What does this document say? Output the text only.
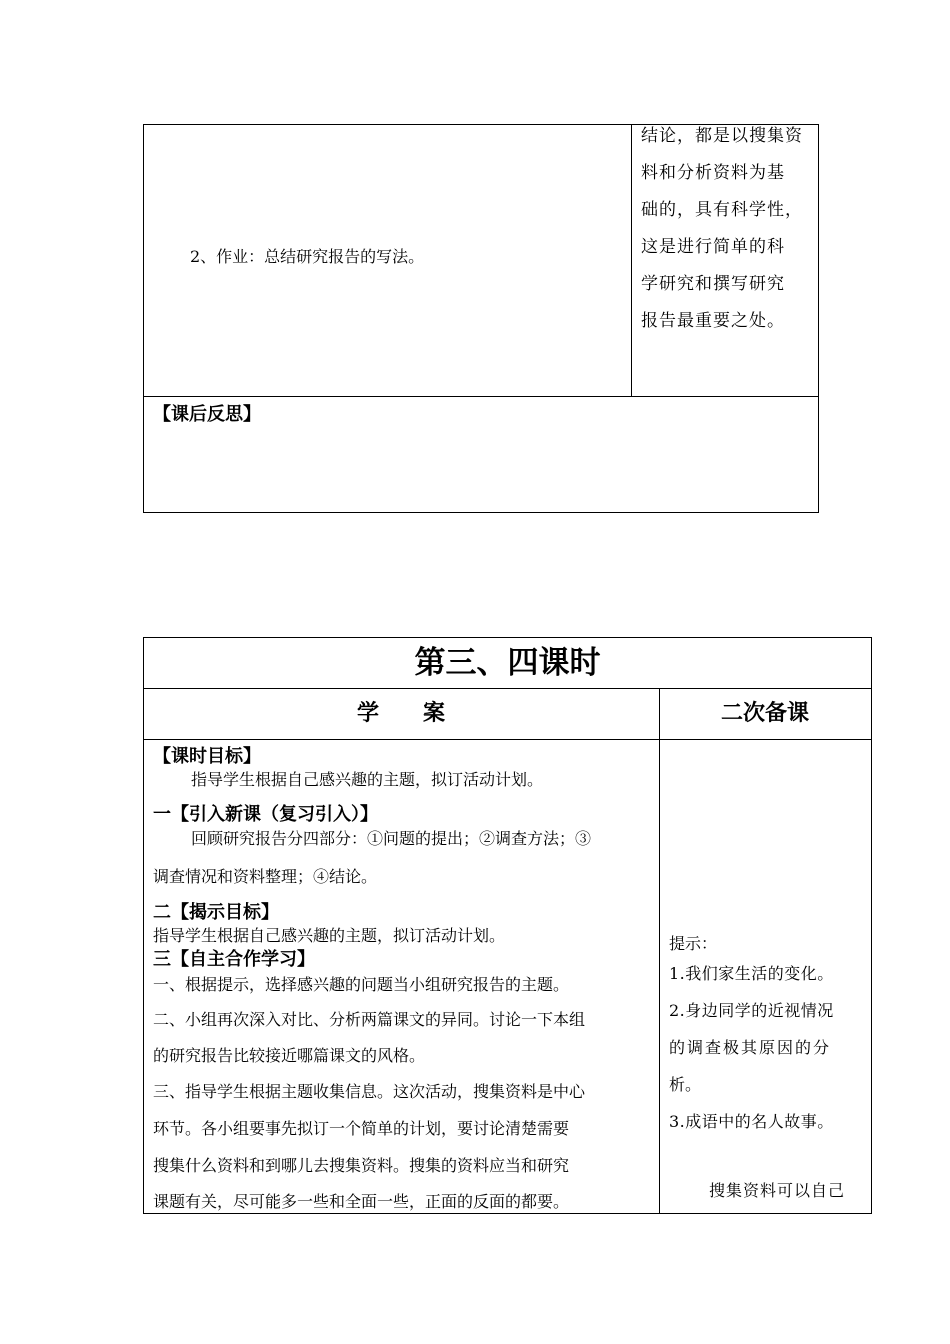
2、作业：总结研究报告的写法。
结论，都是以搜集资
料和分析资料为基
础的，具有科学性，
这是进行简单的科
学研究和撰写研究
报告最重要之处。
【课后反思】
第三、四课时
学　　案	二次备课
【课时目标】
指导学生根据自己感兴趣的主题，拟订活动计划。
一【引入新课（复习引入）】
回顾研究报告分四部分：①问题的提出；②调查方法；③
调查情况和资料整理；④结论。
二【揭示目标】
指导学生根据自己感兴趣的主题，拟订活动计划。
三【自主合作学习】
一、根据提示，选择感兴趣的问题当小组研究报告的主题。
二、小组再次深入对比、分析两篇课文的异同。讨论一下本组
的研究报告比较接近哪篇课文的风格。
三、指导学生根据主题收集信息。这次活动，搜集资料是中心
环节。各小组要事先拟订一个简单的计划，要讨论清楚需要
搜集什么资料和到哪儿去搜集资料。搜集的资料应当和研究
课题有关，尽可能多一些和全面一些，正面的反面的都要。
提示：
1.我们家生活的变化。
2.身边同学的近视情况
的调查极其原因的分
析。
3.成语中的名人故事。
搜集资料可以自己
